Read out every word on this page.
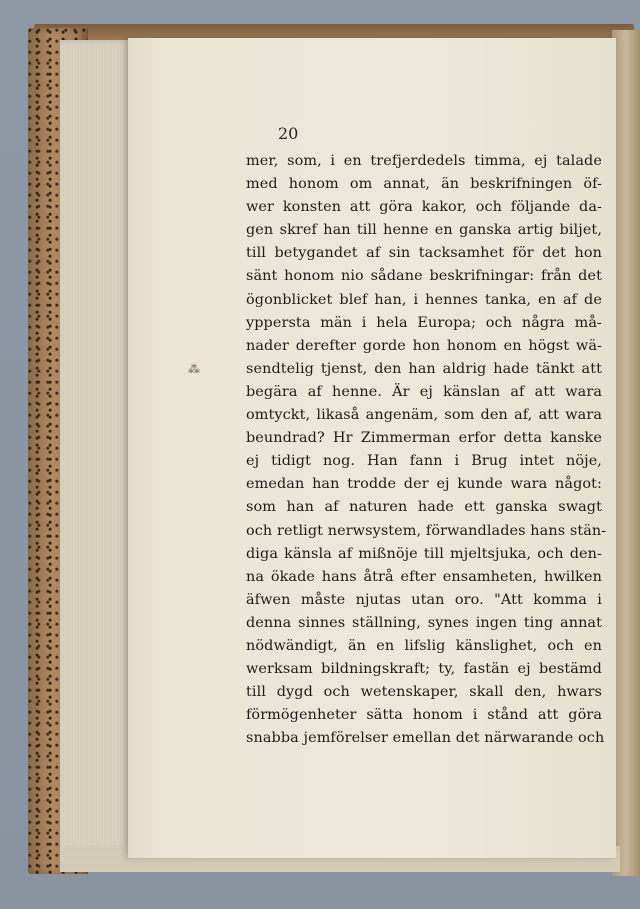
20
⁂
mer, som, i en trefjerdedels timma, ej talade
med honom om annat, än beskrifningen öf-
wer konsten att göra kakor, och följande da-
gen skref han till henne en ganska artig biljet,
till betygandet af sin tacksamhet för det hon
sänt honom nio sådane beskrifningar: från det
ögonblicket blef han, i hennes tanka, en af de
yppersta män i hela Europa; och några må-
nader derefter gorde hon honom en högst wä-
sendtelig tjenst, den han aldrig hade tänkt att
begära af henne. Är ej känslan af att wara
omtyckt, likaså angenäm, som den af, att wara
beundrad? Hr Zimmerman erfor detta kanske
ej tidigt nog. Han fann i Brug intet nöje,
emedan han trodde der ej kunde wara något:
som han af naturen hade ett ganska swagt
och retligt nerwsystem, förwandlades hans stän-
diga känsla af mißnöje till mjeltsjuka, och den-
na ökade hans åtrå efter ensamheten, hwilken
äfwen måste njutas utan oro. "Att komma i
denna sinnes ställning, synes ingen ting annat
nödwändigt, än en lifslig känslighet, och en
werksam bildningskraft; ty, fastän ej bestämd
till dygd och wetenskaper, skall den, hwars
förmögenheter sätta honom i stånd att göra
snabba jemförelser emellan det närwarande och
